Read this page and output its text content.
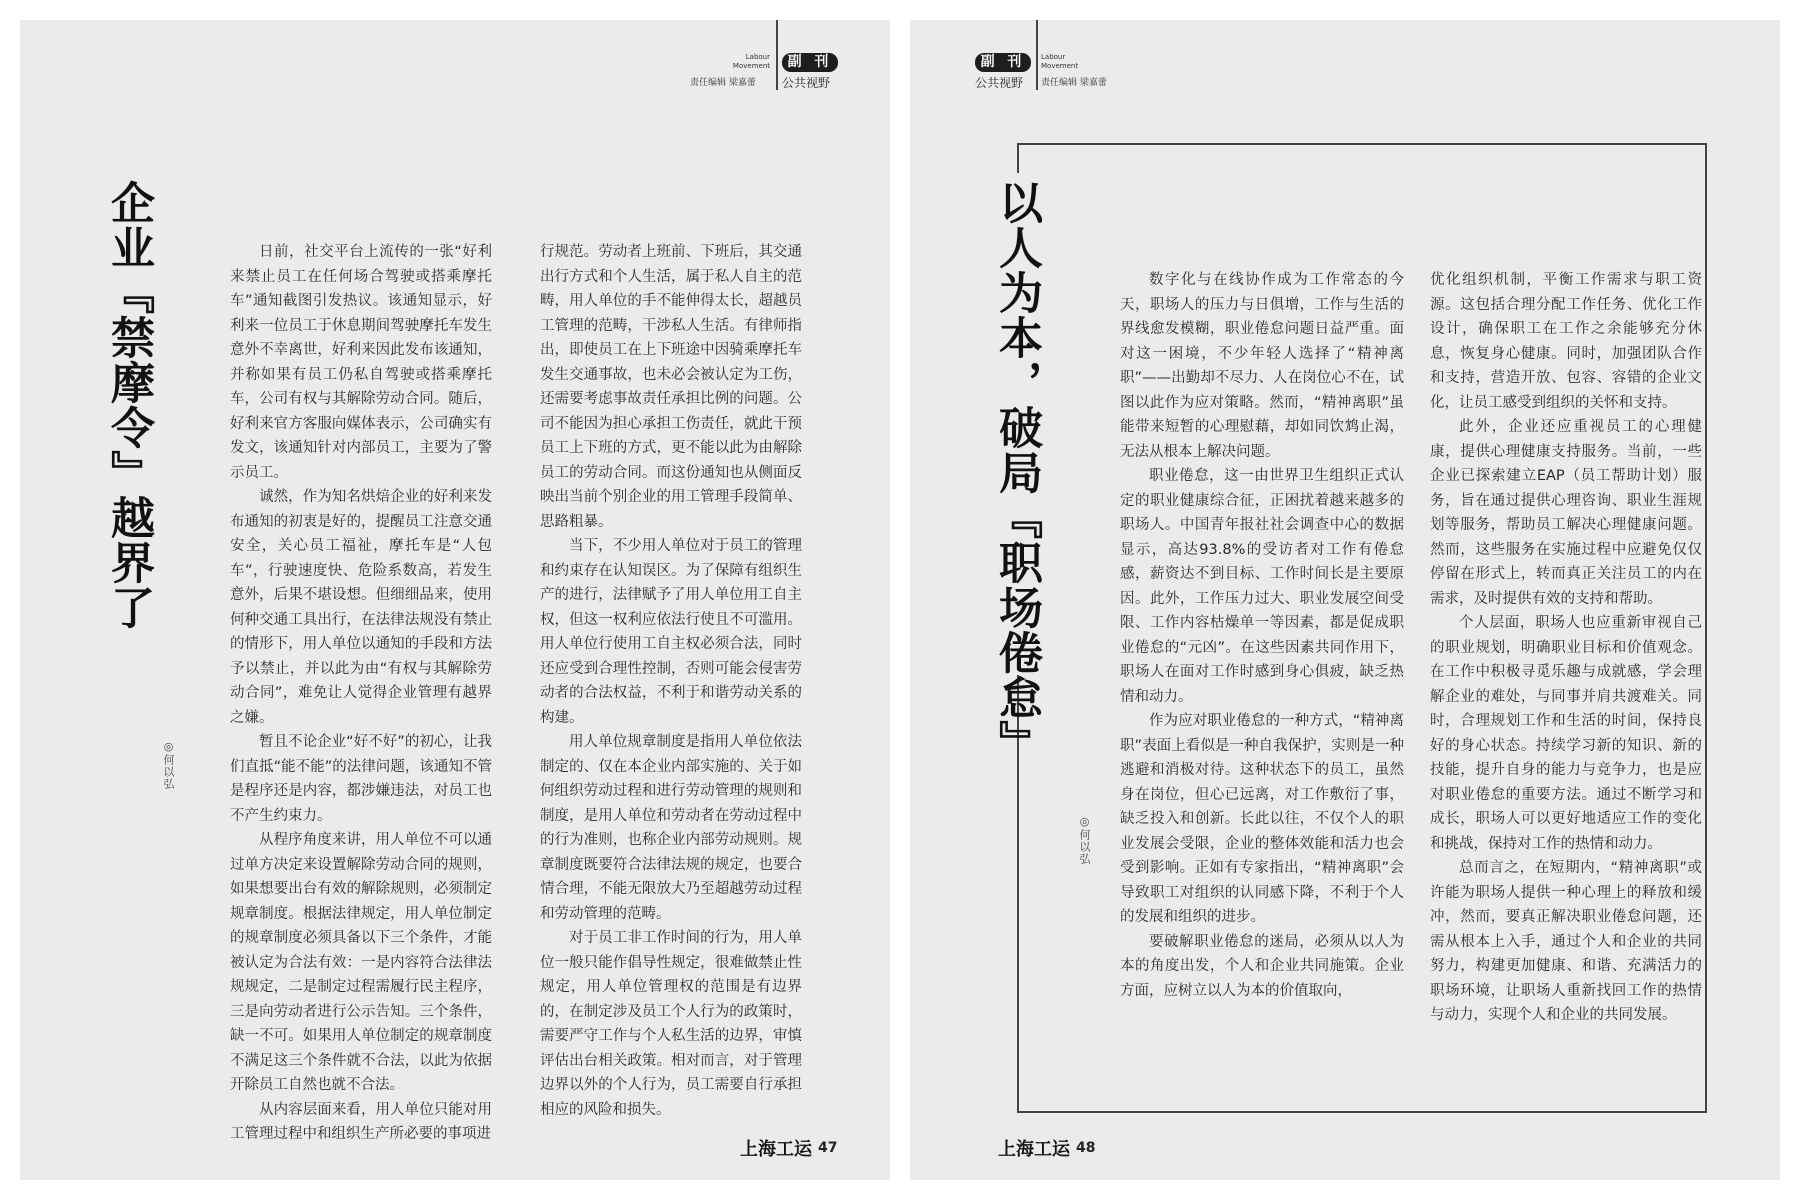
Labour
Movement	副 刊
责任编辑 梁嘉蕾 公共视野
企业『禁摩令』越界了
◎何以弘

日前，社交平台上流传的一张“好利来禁止员工在任何场合驾驶或搭乘摩托车”通知截图引发热议。该通知显示，好利来一位员工于休息期间驾驶摩托车发生意外不幸离世，好利来因此发布该通知，并称如果有员工仍私自驾驶或搭乘摩托车，公司有权与其解除劳动合同。随后，好利来官方客服向媒体表示，公司确实有发文，该通知针对内部员工，主要为了警示员工。

诚然，作为知名烘焙企业的好利来发布通知的初衷是好的，提醒员工注意交通安全，关心员工福祉，摩托车是“人包车”，行驶速度快、危险系数高，若发生意外，后果不堪设想。但细细品来，使用何种交通工具出行，在法律法规没有禁止的情形下，用人单位以通知的手段和方法予以禁止，并以此为由“有权与其解除劳动合同”，难免让人觉得企业管理有越界之嫌。

暂且不论企业“好不好”的初心，让我们直抵“能不能”的法律问题，该通知不管是程序还是内容，都涉嫌违法，对员工也不产生约束力。

从程序角度来讲，用人单位不可以通过单方决定来设置解除劳动合同的规则，如果想要出台有效的解除规则，必须制定规章制度。根据法律规定，用人单位制定的规章制度必须具备以下三个条件，才能被认定为合法有效：一是内容符合法律法规规定，二是制定过程需履行民主程序，三是向劳动者进行公示告知。三个条件，缺一不可。如果用人单位制定的规章制度不满足这三个条件就不合法，以此为依据开除员工自然也就不合法。

从内容层面来看，用人单位只能对用工管理过程中和组织生产所必要的事项进

行规范。劳动者上班前、下班后，其交通出行方式和个人生活，属于私人自主的范畴，用人单位的手不能伸得太长，超越员工管理的范畴，干涉私人生活。有律师指出，即使员工在上下班途中因骑乘摩托车发生交通事故，也未必会被认定为工伤，还需要考虑事故责任承担比例的问题。公司不能因为担心承担工伤责任，就此干预员工上下班的方式，更不能以此为由解除员工的劳动合同。而这份通知也从侧面反映出当前个别企业的用工管理手段简单、思路粗暴。

当下，不少用人单位对于员工的管理和约束存在认知误区。为了保障有组织生产的进行，法律赋予了用人单位用工自主权，但这一权利应依法行使且不可滥用。用人单位行使用工自主权必须合法，同时还应受到合理性控制，否则可能会侵害劳动者的合法权益，不利于和谐劳动关系的构建。

用人单位规章制度是指用人单位依法制定的、仅在本企业内部实施的、关于如何组织劳动过程和进行劳动管理的规则和制度，是用人单位和劳动者在劳动过程中的行为准则，也称企业内部劳动规则。规章制度既要符合法律法规的规定，也要合情合理，不能无限放大乃至超越劳动过程和劳动管理的范畴。

对于员工非工作时间的行为，用人单位一般只能作倡导性规定，很难做禁止性规定，用人单位管理权的范围是有边界的，在制定涉及员工个人行为的政策时，需要严守工作与个人私生活的边界，审慎评估出台相关政策。相对而言，对于管理边界以外的个人行为，员工需要自行承担相应的风险和损失。

上海工运 47
副 刊
公共视野
Labour
Movement
责任编辑 梁嘉蕾
以人为本，破局『职场倦怠』
◎何以弘

数字化与在线协作成为工作常态的今天，职场人的压力与日俱增，工作与生活的界线愈发模糊，职业倦怠问题日益严重。面对这一困境，不少年轻人选择了“精神离职”——出勤却不尽力、人在岗位心不在，试图以此作为应对策略。然而，“精神离职”虽能带来短暂的心理慰藉，却如同饮鸩止渴，无法从根本上解决问题。

职业倦怠，这一由世界卫生组织正式认定的职业健康综合征，正困扰着越来越多的职场人。中国青年报社社会调查中心的数据显示，高达93.8%的受访者对工作有倦怠感，薪资达不到目标、工作时间长是主要原因。此外，工作压力过大、职业发展空间受限、工作内容枯燥单一等因素，都是促成职业倦怠的“元凶”。在这些因素共同作用下，职场人在面对工作时感到身心俱疲，缺乏热情和动力。

作为应对职业倦怠的一种方式，“精神离职”表面上看似是一种自我保护，实则是一种逃避和消极对待。这种状态下的员工，虽然身在岗位，但心已远离，对工作敷衍了事，缺乏投入和创新。长此以往，不仅个人的职业发展会受限，企业的整体效能和活力也会受到影响。正如有专家指出，“精神离职”会导致职工对组织的认同感下降，不利于个人的发展和组织的进步。

要破解职业倦怠的迷局，必须从以人为本的角度出发，个人和企业共同施策。企业方面，应树立以人为本的价值取向，

优化组织机制，平衡工作需求与职工资源。这包括合理分配工作任务、优化工作设计，确保职工在工作之余能够充分休息，恢复身心健康。同时，加强团队合作和支持，营造开放、包容、容错的企业文化，让员工感受到组织的关怀和支持。

此外，企业还应重视员工的心理健康，提供心理健康支持服务。当前，一些企业已探索建立EAP（员工帮助计划）服务，旨在通过提供心理咨询、职业生涯规划等服务，帮助员工解决心理健康问题。然而，这些服务在实施过程中应避免仅仅停留在形式上，转而真正关注员工的内在需求，及时提供有效的支持和帮助。

个人层面，职场人也应重新审视自己的职业规划，明确职业目标和价值观念。在工作中积极寻觅乐趣与成就感，学会理解企业的难处，与同事并肩共渡难关。同时，合理规划工作和生活的时间，保持良好的身心状态。持续学习新的知识、新的技能，提升自身的能力与竞争力，也是应对职业倦怠的重要方法。通过不断学习和成长，职场人可以更好地适应工作的变化和挑战，保持对工作的热情和动力。

总而言之，在短期内，“精神离职”或许能为职场人提供一种心理上的释放和缓冲，然而，要真正解决职业倦怠问题，还需从根本上入手，通过个人和企业的共同努力，构建更加健康、和谐、充满活力的职场环境，让职场人重新找回工作的热情与动力，实现个人和企业的共同发展。

上海工运 48
